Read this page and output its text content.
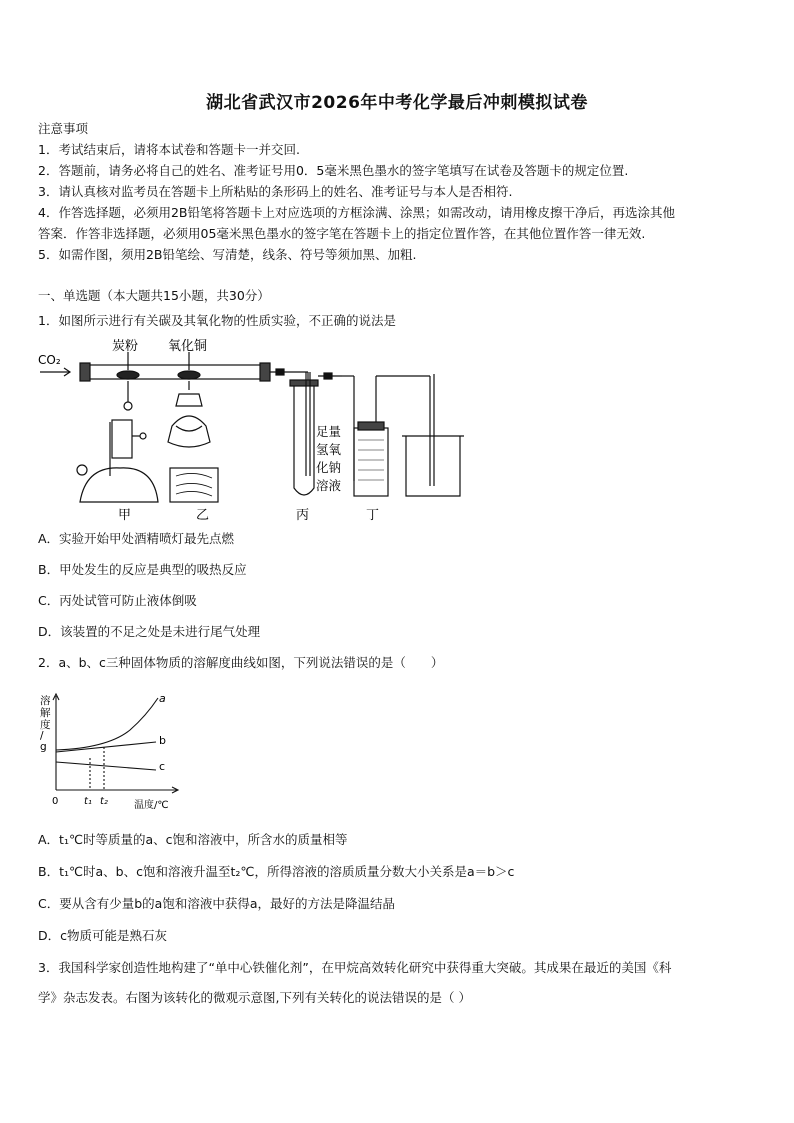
湖北省武汉市2026年中考化学最后冲刺模拟试卷
注意事项
1．考试结束后，请将本试卷和答题卡一并交回.
2．答题前，请务必将自己的姓名、准考证号用0．5毫米黑色墨水的签字笔填写在试卷及答题卡的规定位置.
3．请认真核对监考员在答题卡上所粘贴的条形码上的姓名、准考证号与本人是否相符.
4．作答选择题，必须用2B铅笔将答题卡上对应选项的方框涂满、涂黑；如需改动，请用橡皮擦干净后，再选涂其他
答案．作答非选择题，必须用05毫米黑色墨水的签字笔在答题卡上的指定位置作答，在其他位置作答一律无效.
5．如需作图，须用2B铅笔绘、写清楚，线条、符号等须加黑、加粗.
一、单选题（本大题共15小题，共30分）
1．如图所示进行有关碳及其氧化物的性质实验，不正确的说法是
CO₂
炭粉 氧化铜
足量
氢氧
化钠
溶液
甲	乙	丙	丁
A．实验开始甲处酒精喷灯最先点燃
B．甲处发生的反应是典型的吸热反应
C．丙处试管可防止液体倒吸
D．该装置的不足之处是未进行尾气处理
2．a、b、c三种固体物质的溶解度曲线如图，下列说法错误的是（　　）
溶
解
度
/
g
a
b
c
0	t₁ t₂	温度/℃
A．t₁℃时等质量的a、c饱和溶液中，所含水的质量相等
B．t₁℃时a、b、c饱和溶液升温至t₂℃，所得溶液的溶质质量分数大小关系是a＝b＞c
C．要从含有少量b的a饱和溶液中获得a，最好的方法是降温结晶
D．c物质可能是熟石灰
3．我国科学家创造性地构建了“单中心铁催化剂”，在甲烷高效转化研究中获得重大突破。其成果在最近的美国《科
学》杂志发表。右图为该转化的微观示意图,下列有关转化的说法错误的是（ ）
